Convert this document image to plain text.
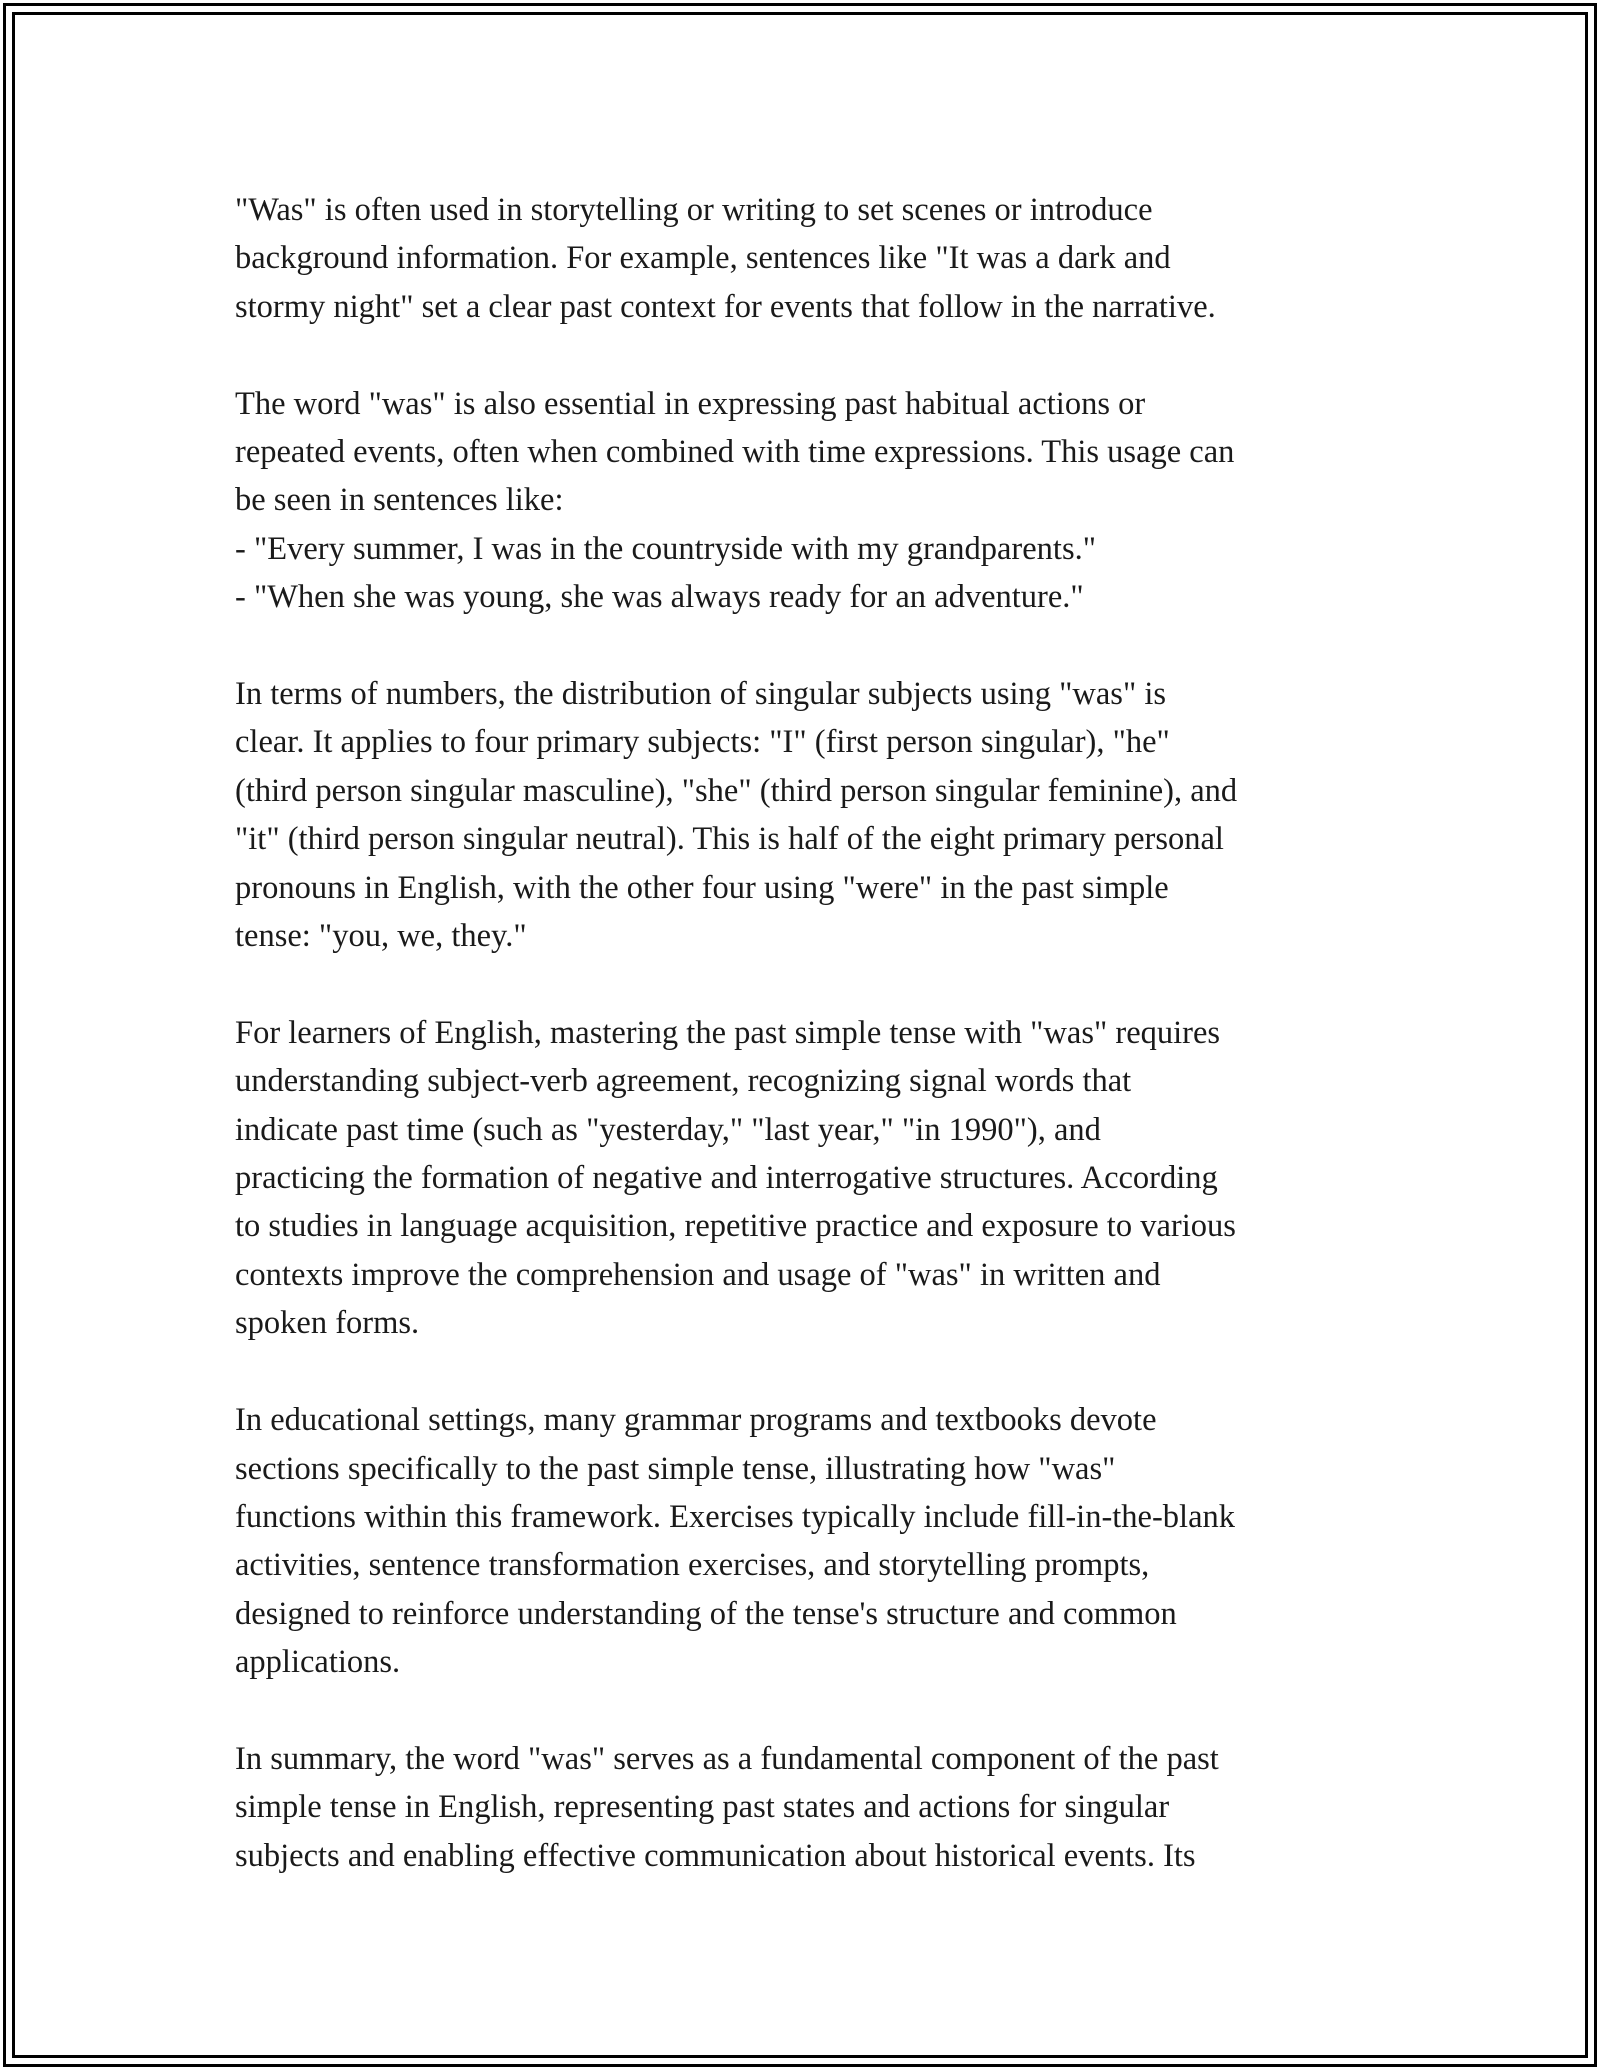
"Was" is often used in storytelling or writing to set scenes or introduce
background information. For example, sentences like "It was a dark and
stormy night" set a clear past context for events that follow in the narrative.

The word "was" is also essential in expressing past habitual actions or
repeated events, often when combined with time expressions. This usage can
be seen in sentences like:
- "Every summer, I was in the countryside with my grandparents."
- "When she was young, she was always ready for an adventure."

In terms of numbers, the distribution of singular subjects using "was" is
clear. It applies to four primary subjects: "I" (first person singular), "he"
(third person singular masculine), "she" (third person singular feminine), and
"it" (third person singular neutral). This is half of the eight primary personal
pronouns in English, with the other four using "were" in the past simple
tense: "you, we, they."

For learners of English, mastering the past simple tense with "was" requires
understanding subject-verb agreement, recognizing signal words that
indicate past time (such as "yesterday," "last year," "in 1990"), and
practicing the formation of negative and interrogative structures. According
to studies in language acquisition, repetitive practice and exposure to various
contexts improve the comprehension and usage of "was" in written and
spoken forms.

In educational settings, many grammar programs and textbooks devote
sections specifically to the past simple tense, illustrating how "was"
functions within this framework. Exercises typically include fill-in-the-blank
activities, sentence transformation exercises, and storytelling prompts,
designed to reinforce understanding of the tense's structure and common
applications.

In summary, the word "was" serves as a fundamental component of the past
simple tense in English, representing past states and actions for singular
subjects and enabling effective communication about historical events. Its
